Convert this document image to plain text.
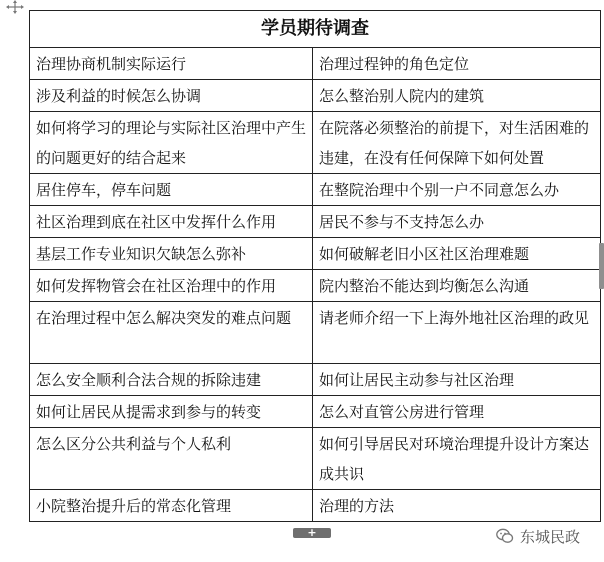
学员期待调查	
治理协商机制实际运行	治理过程钟的角色定位
涉及利益的时候怎么协调	怎么整治别人院内的建筑
如何将学习的理论与实际社区治理中产生的问题更好的结合起来	在院落必须整治的前提下，对生活困难的违建，在没有任何保障下如何处置
居住停车，停车问题	在整院治理中个别一户不同意怎么办
社区治理到底在社区中发挥什么作用	居民不参与不支持怎么办
基层工作专业知识欠缺怎么弥补	如何破解老旧小区社区治理难题
如何发挥物管会在社区治理中的作用	院内整治不能达到均衡怎么沟通
在治理过程中怎么解决突发的难点问题	请老师介绍一下上海外地社区治理的政见
怎么安全顺利合法合规的拆除违建	如何让居民主动参与社区治理
如何让居民从提需求到参与的转变	怎么对直管公房进行管理
怎么区分公共利益与个人私利	如何引导居民对环境治理提升设计方案达成共识
小院整治提升后的常态化管理	治理的方法
+	东城民政
